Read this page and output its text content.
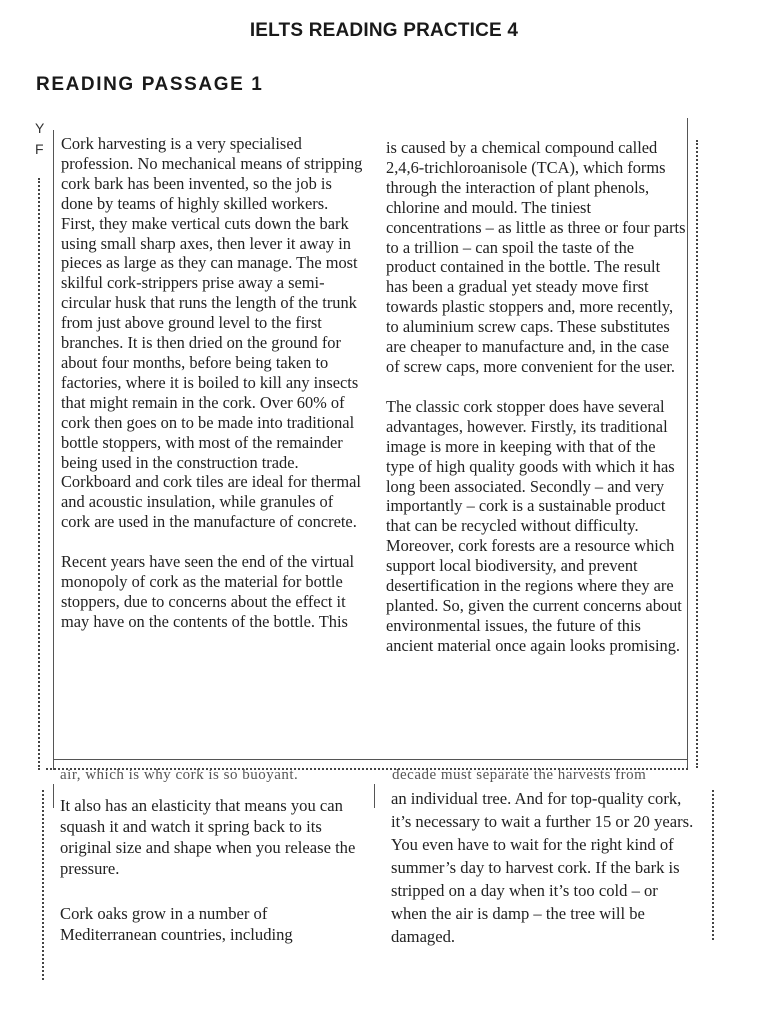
IELTS READING PRACTICE 4
READING PASSAGE 1
Y
F Cork harvesting is a very specialised profession. No mechanical means of stripping cork bark has been invented, so the job is done by teams of highly skilled workers. First, they make vertical cuts down the bark using small sharp axes, then lever it away in pieces as large as they can manage. The most skilful cork-strippers prise away a semi-circular husk that runs the length of the trunk from just above ground level to the first branches. It is then dried on the ground for about four months, before being taken to factories, where it is boiled to kill any insects that might remain in the cork. Over 60% of cork then goes on to be made into traditional bottle stoppers, with most of the remainder being used in the construction trade. Corkboard and cork tiles are ideal for thermal and acoustic insulation, while granules of cork are used in the manufacture of concrete.

Recent years have seen the end of the virtual monopoly of cork as the material for bottle stoppers, due to concerns about the effect it may have on the contents of the bottle. This

is caused by a chemical compound called 2,4,6-trichloroanisole (TCA), which forms through the interaction of plant phenols, chlorine and mould. The tiniest concentrations – as little as three or four parts to a trillion – can spoil the taste of the product contained in the bottle. The result has been a gradual yet steady move first towards plastic stoppers and, more recently, to aluminium screw caps. These substitutes are cheaper to manufacture and, in the case of screw caps, more convenient for the user.

The classic cork stopper does have several advantages, however. Firstly, its traditional image is more in keeping with that of the type of high quality goods with which it has long been associated. Secondly – and very importantly – cork is a sustainable product that can be recycled without difficulty. Moreover, cork forests are a resource which support local biodiversity, and prevent desertification in the regions where they are planted. So, given the current concerns about environmental issues, the future of this ancient material once again looks promising.

air, which is why cork is so buoyant.	decade must separate the harvests from

It also has an elasticity that means you can squash it and watch it spring back to its original size and shape when you release the pressure.

Cork oaks grow in a number of Mediterranean countries, including

an individual tree. And for top-quality cork, it’s necessary to wait a further 15 or 20 years. You even have to wait for the right kind of summer’s day to harvest cork. If the bark is stripped on a day when it’s too cold – or when the air is damp – the tree will be damaged.
